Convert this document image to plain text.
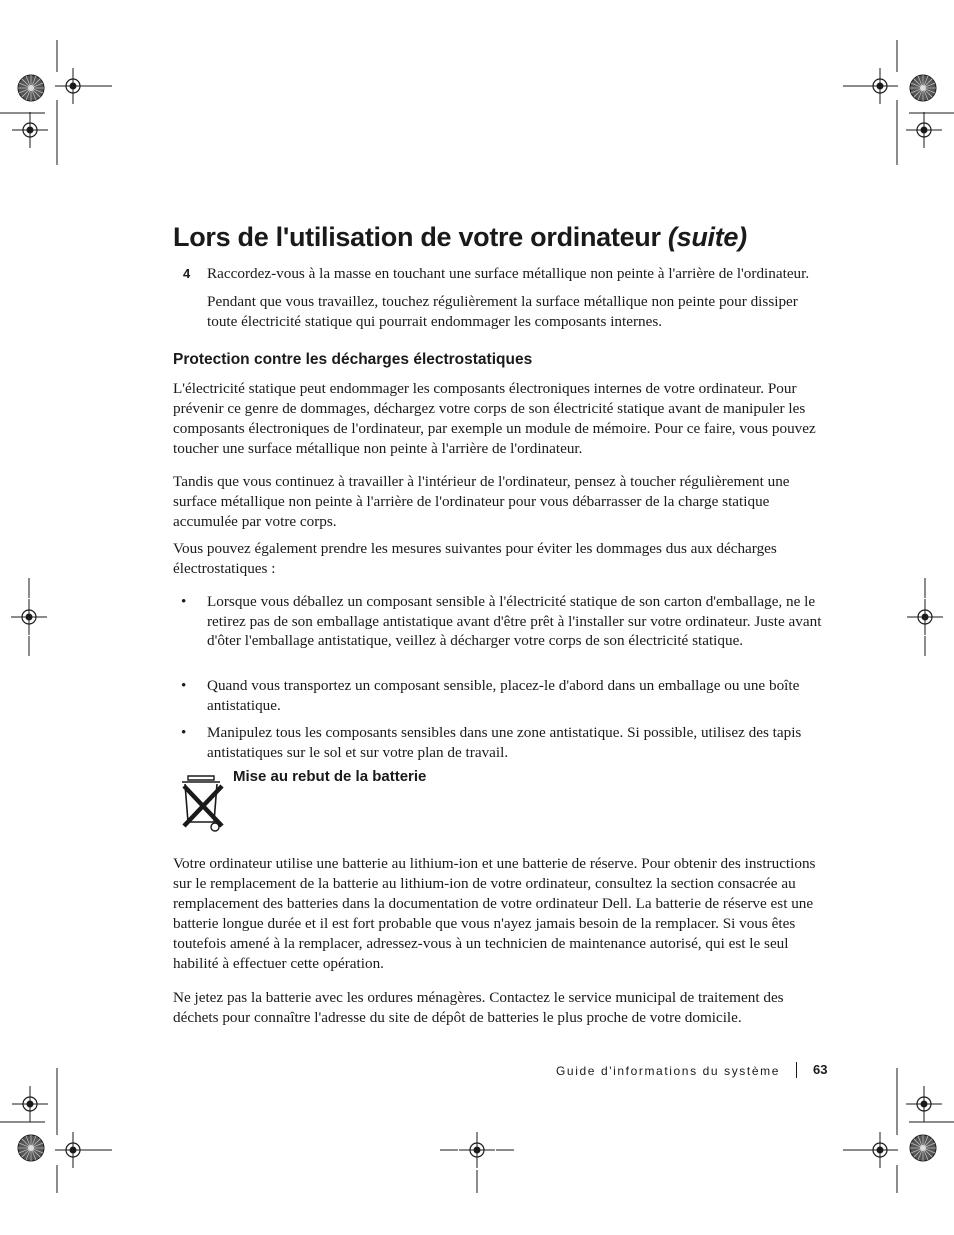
Lors de l'utilisation de votre ordinateur (suite)
4 Raccordez-vous à la masse en touchant une surface métallique non peinte à l'arrière de l'ordinateur.

Pendant que vous travaillez, touchez régulièrement la surface métallique non peinte pour dissiper toute électricité statique qui pourrait endommager les composants internes.

Protection contre les décharges électrostatiques

L'électricité statique peut endommager les composants électroniques internes de votre ordinateur. Pour prévenir ce genre de dommages, déchargez votre corps de son électricité statique avant de manipuler les composants électroniques de l'ordinateur, par exemple un module de mémoire. Pour ce faire, vous pouvez toucher une surface métallique non peinte à l'arrière de l'ordinateur.

Tandis que vous continuez à travailler à l'intérieur de l'ordinateur, pensez à toucher régulièrement une surface métallique non peinte à l'arrière de l'ordinateur pour vous débarrasser de la charge statique accumulée par votre corps.

Vous pouvez également prendre les mesures suivantes pour éviter les dommages dus aux décharges électrostatiques :

• Lorsque vous déballez un composant sensible à l'électricité statique de son carton d'emballage, ne le retirez pas de son emballage antistatique avant d'être prêt à l'installer sur votre ordinateur. Juste avant d'ôter l'emballage antistatique, veillez à décharger votre corps de son électricité statique.
• Quand vous transportez un composant sensible, placez-le d'abord dans un emballage ou une boîte antistatique.
• Manipulez tous les composants sensibles dans une zone antistatique. Si possible, utilisez des tapis antistatiques sur le sol et sur votre plan de travail.
Mise au rebut de la batterie

Votre ordinateur utilise une batterie au lithium-ion et une batterie de réserve. Pour obtenir des instructions sur le remplacement de la batterie au lithium-ion de votre ordinateur, consultez la section consacrée au remplacement des batteries dans la documentation de votre ordinateur Dell. La batterie de réserve est une batterie longue durée et il est fort probable que vous n'ayez jamais besoin de la remplacer. Si vous êtes toutefois amené à la remplacer, adressez-vous à un technicien de maintenance autorisé, qui est le seul habilité à effectuer cette opération.

Ne jetez pas la batterie avec les ordures ménagères. Contactez le service municipal de traitement des déchets pour connaître l'adresse du site de dépôt de batteries le plus proche de votre domicile.

Guide d'informations du système	63
